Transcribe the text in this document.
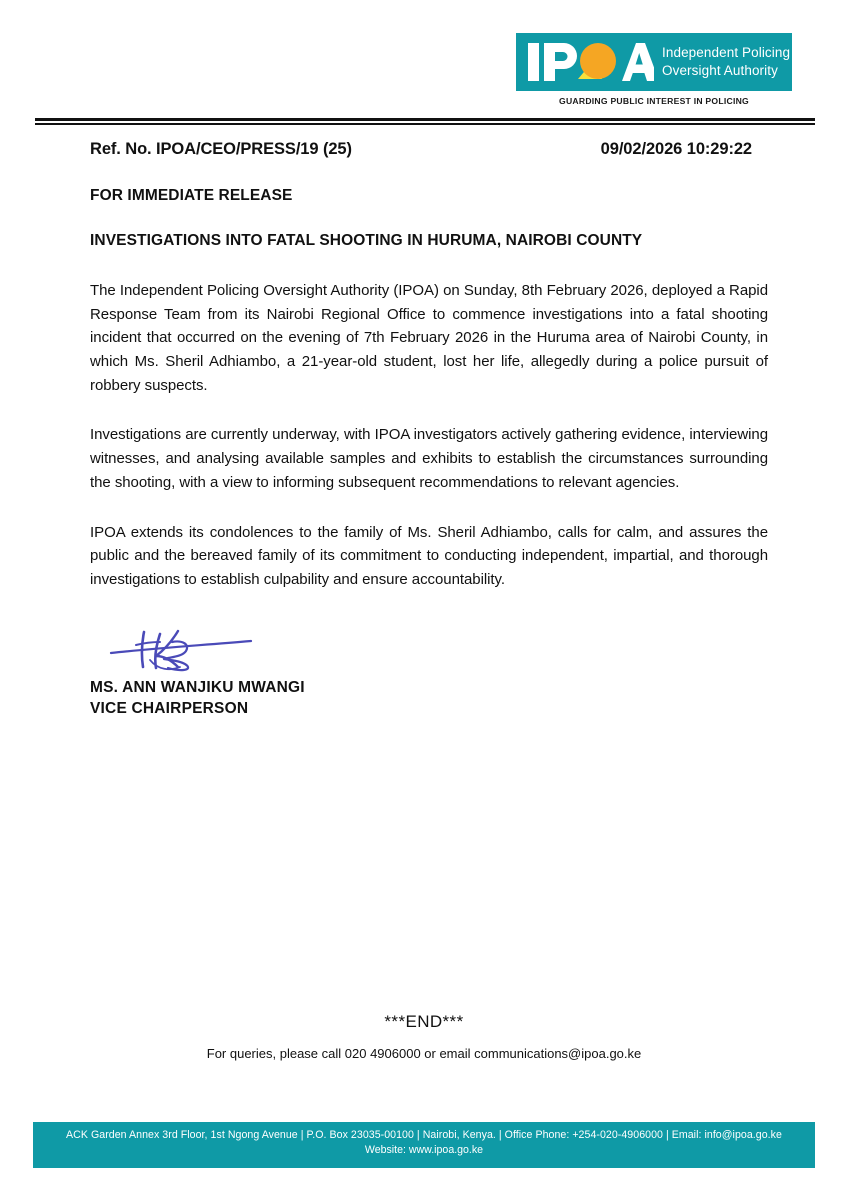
Independent Policing
Oversight Authority
GUARDING PUBLIC INTEREST IN POLICING
Ref. No. IPOA/CEO/PRESS/19 (25)	09/02/2026 10:29:22
FOR IMMEDIATE RELEASE
INVESTIGATIONS INTO FATAL SHOOTING IN HURUMA, NAIROBI COUNTY

The Independent Policing Oversight Authority (IPOA) on Sunday, 8th February 2026, deployed a Rapid Response Team from its Nairobi Regional Office to commence investigations into a fatal shooting incident that occurred on the evening of 7th February 2026 in the Huruma area of Nairobi County, in which Ms. Sheril Adhiambo, a 21-year-old student, lost her life, allegedly during a police pursuit of robbery suspects.

Investigations are currently underway, with IPOA investigators actively gathering evidence, interviewing witnesses, and analysing available samples and exhibits to establish the circumstances surrounding the shooting, with a view to informing subsequent recommendations to relevant agencies.

IPOA extends its condolences to the family of Ms. Sheril Adhiambo, calls for calm, and assures the public and the bereaved family of its commitment to conducting independent, impartial, and thorough investigations to establish culpability and ensure accountability.

MS. ANN WANJIKU MWANGI
VICE CHAIRPERSON
***END***
For queries, please call 020 4906000 or email communications@ipoa.go.ke
ACK Garden Annex 3rd Floor, 1st Ngong Avenue | P.O. Box 23035-00100 | Nairobi, Kenya. | Office Phone: +254-020-4906000 | Email: info@ipoa.go.ke
Website: www.ipoa.go.ke
